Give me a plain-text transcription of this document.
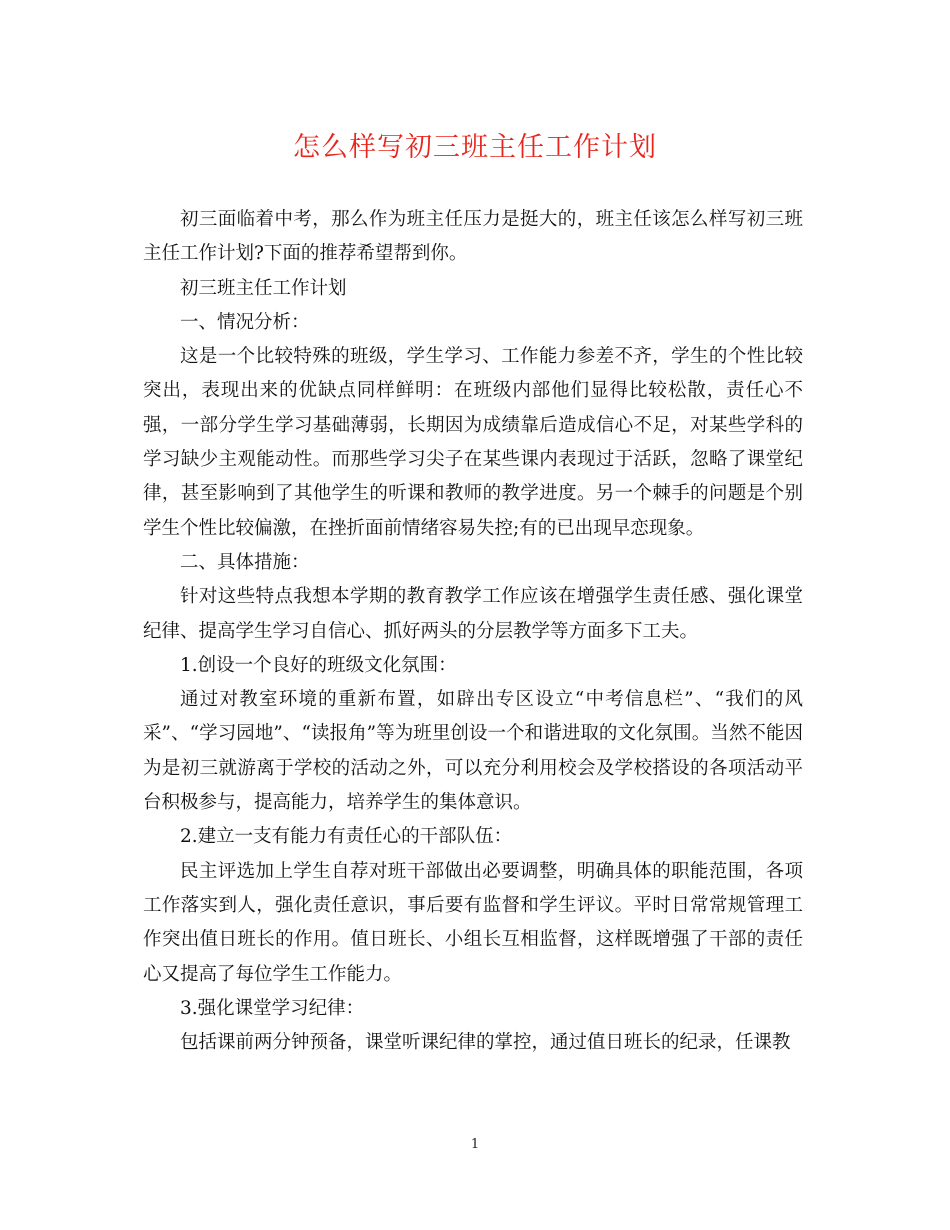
怎么样写初三班主任工作计划

初三面临着中考，那么作为班主任压力是挺大的，班主任该怎么样写初三班主任工作计划?下面的推荐希望帮到你。

初三班主任工作计划

一、情况分析：

这是一个比较特殊的班级，学生学习、工作能力参差不齐，学生的个性比较突出，表现出来的优缺点同样鲜明：在班级内部他们显得比较松散，责任心不强，一部分学生学习基础薄弱，长期因为成绩靠后造成信心不足，对某些学科的学习缺少主观能动性。而那些学习尖子在某些课内表现过于活跃，忽略了课堂纪律，甚至影响到了其他学生的听课和教师的教学进度。另一个棘手的问题是个别学生个性比较偏激，在挫折面前情绪容易失控;有的已出现早恋现象。

二、具体措施：

针对这些特点我想本学期的教育教学工作应该在增强学生责任感、强化课堂纪律、提高学生学习自信心、抓好两头的分层教学等方面多下工夫。

1.创设一个良好的班级文化氛围：

通过对教室环境的重新布置，如辟出专区设立“中考信息栏”、“我们的风采”、“学习园地”、“读报角”等为班里创设一个和谐进取的文化氛围。当然不能因为是初三就游离于学校的活动之外，可以充分利用校会及学校搭设的各项活动平台积极参与，提高能力，培养学生的集体意识。

2.建立一支有能力有责任心的干部队伍：

民主评选加上学生自荐对班干部做出必要调整，明确具体的职能范围，各项工作落实到人，强化责任意识，事后要有监督和学生评议。平时日常常规管理工作突出值日班长的作用。值日班长、小组长互相监督，这样既增强了干部的责任心又提高了每位学生工作能力。

3.强化课堂学习纪律：

包括课前两分钟预备，课堂听课纪律的掌控，通过值日班长的纪录，任课教

1
